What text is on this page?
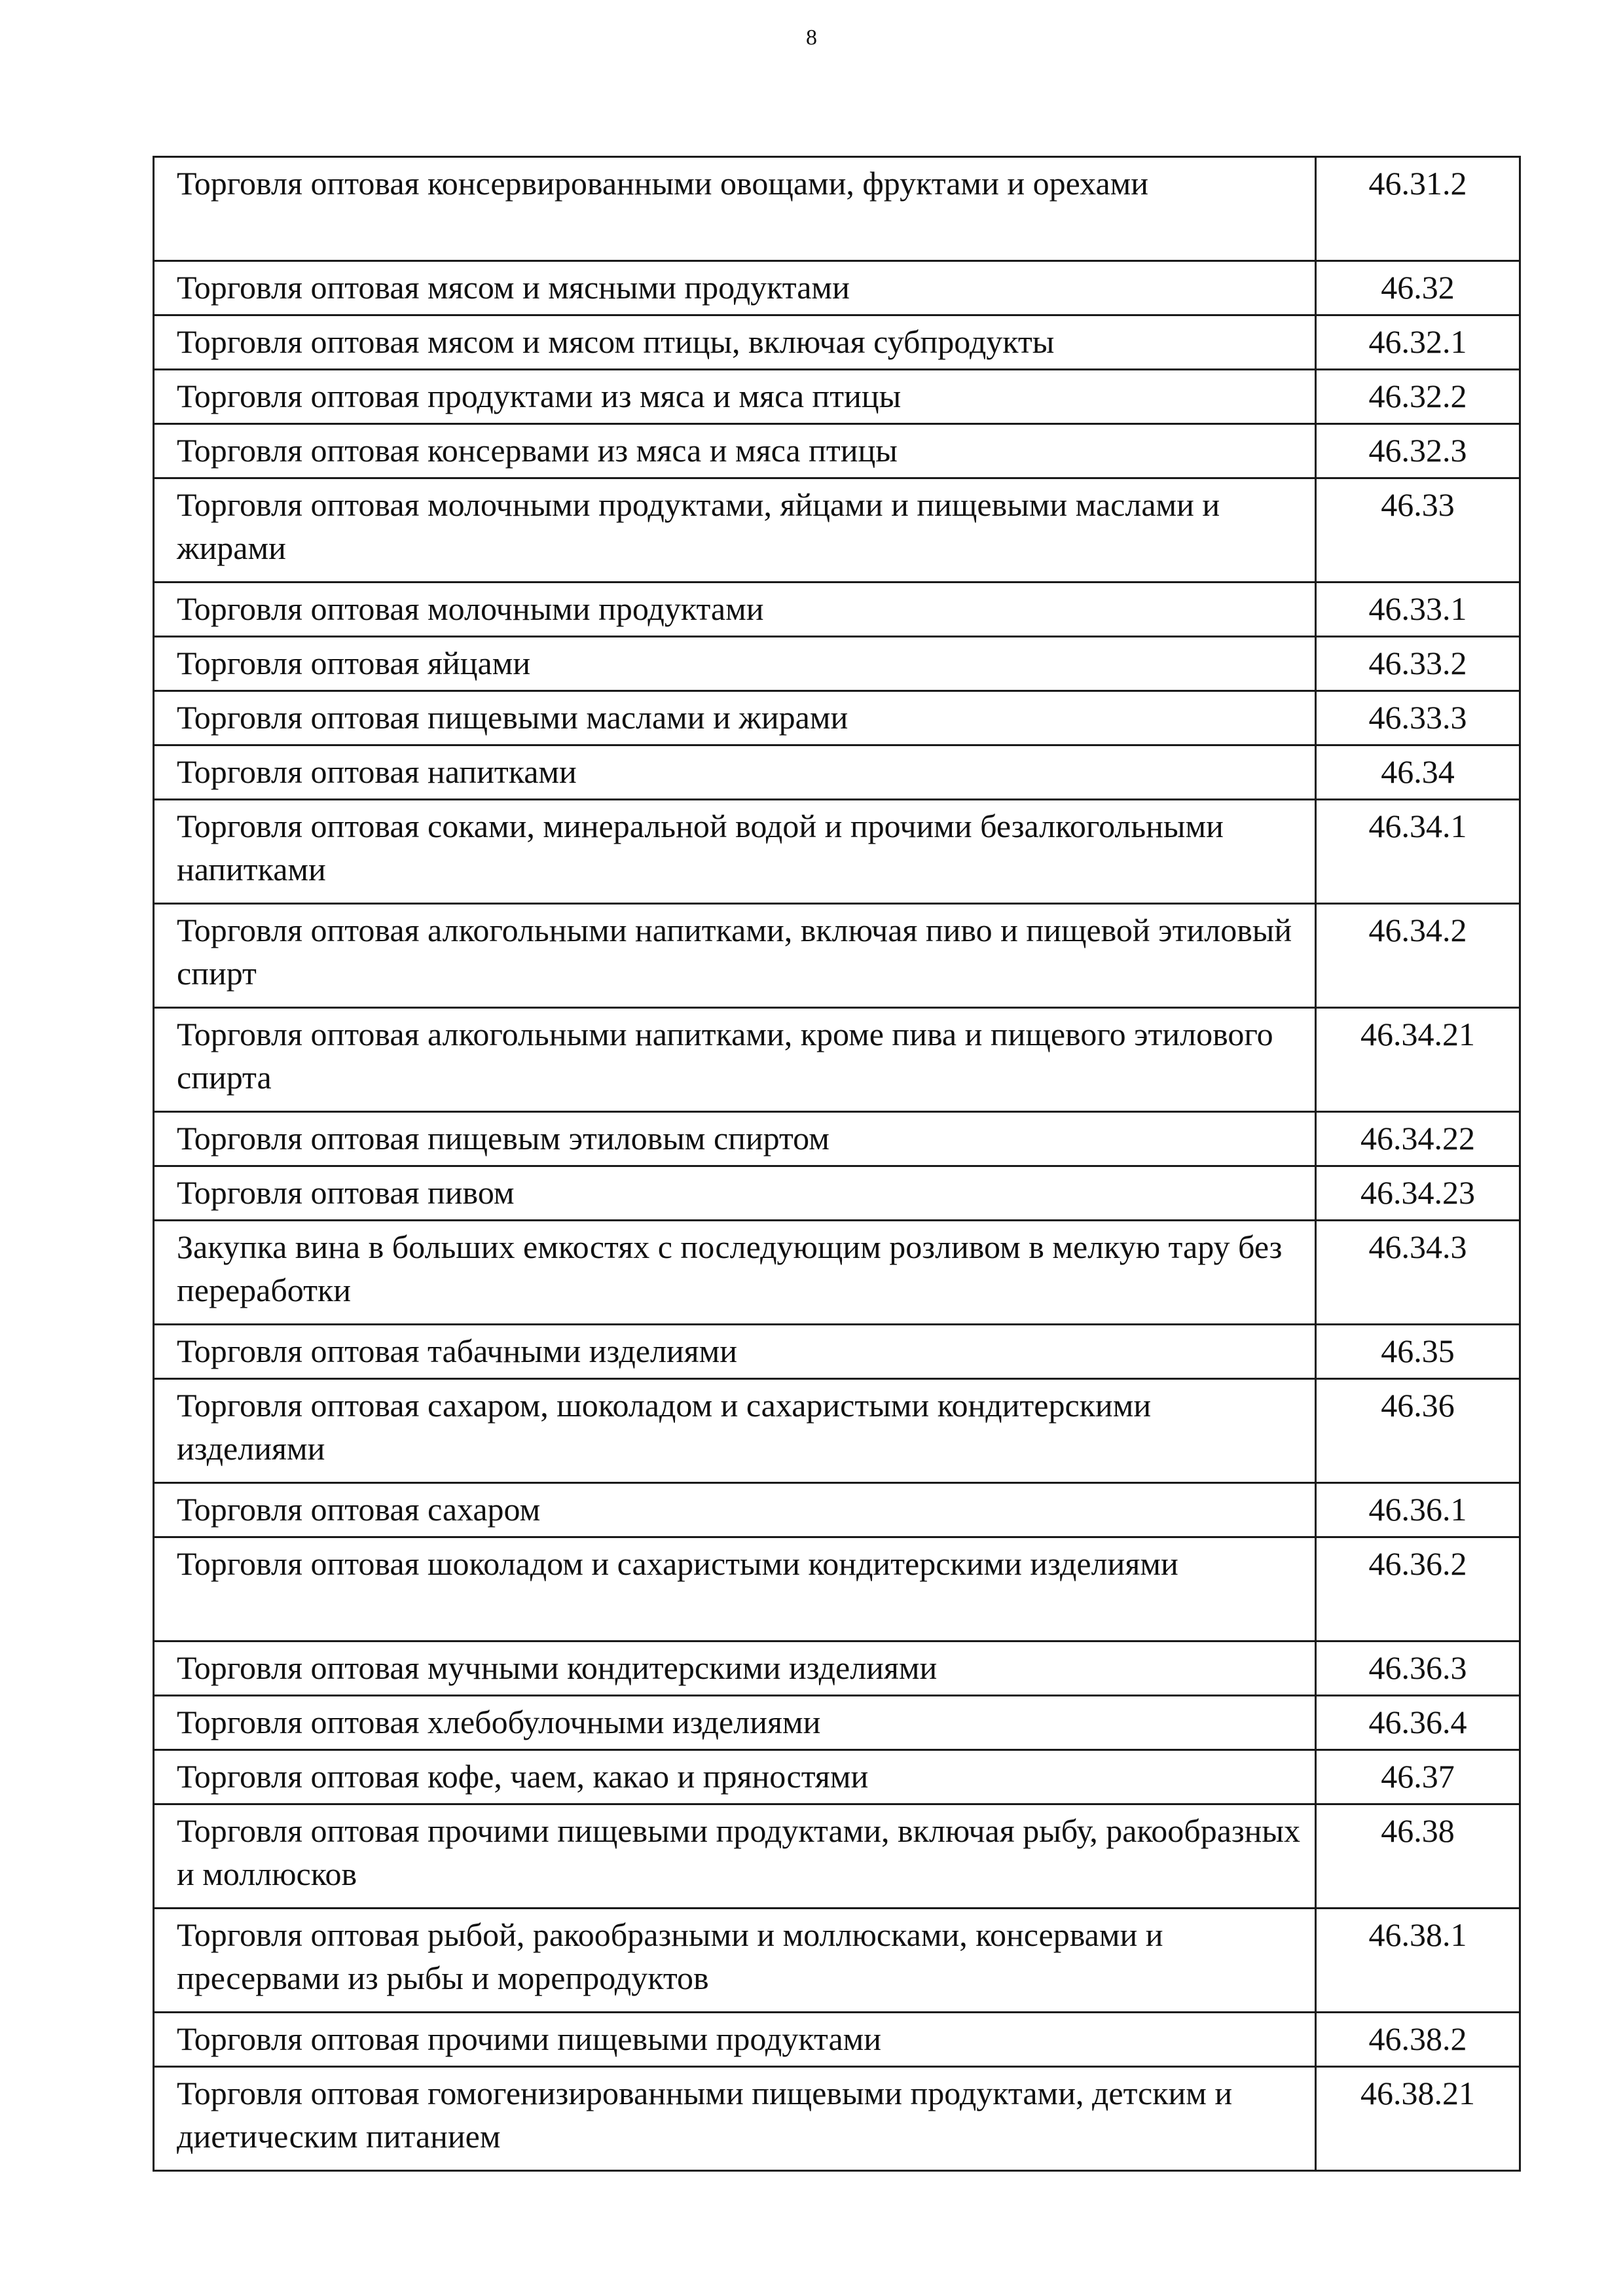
8
Торговля оптовая консервированными овощами, фруктами и орехами	46.31.2
Торговля оптовая мясом и мясными продуктами	46.32
Торговля оптовая мясом и мясом птицы, включая субпродукты	46.32.1
Торговля оптовая продуктами из мяса и мяса птицы	46.32.2
Торговля оптовая консервами из мяса и мяса птицы	46.32.3
Торговля оптовая молочными продуктами, яйцами и пищевыми маслами и жирами	46.33
Торговля оптовая молочными продуктами	46.33.1
Торговля оптовая яйцами	46.33.2
Торговля оптовая пищевыми маслами и жирами	46.33.3
Торговля оптовая напитками	46.34
Торговля оптовая соками, минеральной водой и прочими безалкогольными напитками	46.34.1
Торговля оптовая алкогольными напитками, включая пиво и пищевой этиловый спирт	46.34.2
Торговля оптовая алкогольными напитками, кроме пива и пищевого этилового спирта	46.34.21
Торговля оптовая пищевым этиловым спиртом	46.34.22
Торговля оптовая пивом	46.34.23
Закупка вина в больших емкостях с последующим розливом в мелкую тару без переработки	46.34.3
Торговля оптовая табачными изделиями	46.35
Торговля оптовая сахаром, шоколадом и сахаристыми кондитерскими изделиями	46.36
Торговля оптовая сахаром	46.36.1
Торговля оптовая шоколадом и сахаристыми кондитерскими изделиями	46.36.2
Торговля оптовая мучными кондитерскими изделиями	46.36.3
Торговля оптовая хлебобулочными изделиями	46.36.4
Торговля оптовая кофе, чаем, какао и пряностями	46.37
Торговля оптовая прочими пищевыми продуктами, включая рыбу, ракообразных и моллюсков	46.38
Торговля оптовая рыбой, ракообразными и моллюсками, консервами и пресервами из рыбы и морепродуктов	46.38.1
Торговля оптовая прочими пищевыми продуктами	46.38.2
Торговля оптовая гомогенизированными пищевыми продуктами, детским и диетическим питанием	46.38.21
